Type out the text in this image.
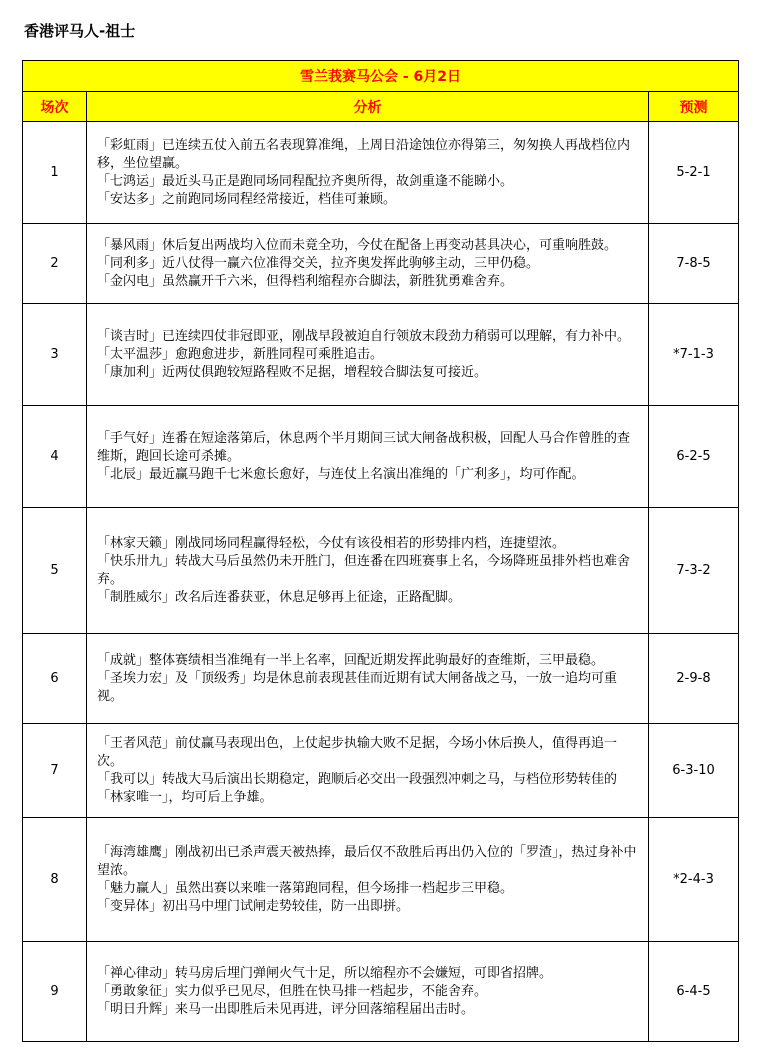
香港评马人-祖士
雪兰莪赛马公会 - 6月2日		
场次	分析	预测
1	「彩虹雨」已连续五仗入前五名表现算准绳，上周日沿途蚀位亦得第三，匆匆换人再战档位内移，坐位望赢。
「七鸿运」最近头马正是跑同场同程配拉齐奥所得，故剑重逢不能睇小。
「安达多」之前跑同场同程经常接近，档佳可兼顾。	5-2-1
2	「暴风雨」休后复出两战均入位而未竟全功，今仗在配备上再变动甚具决心，可重响胜鼓。
「同利多」近八仗得一赢六位准得交关，拉齐奥发挥此驹够主动，三甲仍稳。
「金闪电」虽然赢开千六米，但得档利缩程亦合脚法，新胜犹勇难舍弃。	7-8-5
3	「谈吉时」已连续四仗非冠即亚，刚战早段被迫自行领放末段劲力稍弱可以理解，有力补中。
「太平温莎」愈跑愈进步，新胜同程可乘胜追击。
「康加利」近两仗俱跑较短路程败不足据，增程较合脚法复可接近。	*7-1-3
4	「手气好」连番在短途落第后，休息两个半月期间三试大闸备战积极，回配人马合作曾胜的查维斯，跑回长途可杀摊。
「北辰」最近赢马跑千七米愈长愈好，与连仗上名演出准绳的「广利多」，均可作配。	6-2-5
5	「林家天籁」刚战同场同程赢得轻松，今仗有该役相若的形势排内档，连捷望浓。
「快乐卅九」转战大马后虽然仍未开胜门，但连番在四班赛事上名，今场降班虽排外档也难舍弃。
「制胜威尔」改名后连番获亚，休息足够再上征途，正路配脚。	7-3-2
6	「成就」整体赛绩相当准绳有一半上名率，回配近期发挥此驹最好的查维斯，三甲最稳。
「圣埃力宏」及「顶级秀」均是休息前表现甚佳而近期有试大闸备战之马，一放一追均可重视。	2-9-8
7	「王者风范」前仗赢马表现出色，上仗起步执输大败不足据，今场小休后换人，值得再追一次。
「我可以」转战大马后演出长期稳定，跑顺后必交出一段强烈冲刺之马，与档位形势转佳的「林家唯一」，均可后上争雄。	6-3-10
8	「海湾雄鹰」刚战初出已杀声震天被热捧，最后仅不敌胜后再出仍入位的「罗渣」，热过身补中望浓。
「魅力赢人」虽然出赛以来唯一落第跑同程，但今场排一档起步三甲稳。
「变异体」初出马中埋门试闸走势较佳，防一出即拼。	*2-4-3
9	「禅心律动」转马房后埋门弹闸火气十足，所以缩程亦不会嫌短，可即省招牌。
「勇敢象征」实力似乎已见尽，但胜在快马排一档起步，不能舍弃。
「明日升辉」来马一出即胜后未见再进，评分回落缩程届出击时。	6-4-5
